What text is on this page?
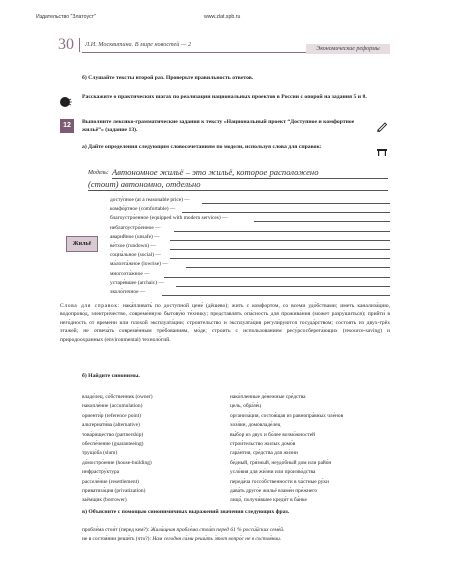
Издательство "Златоуст"	www.zlat.spb.ru
30 Л.И. Москвитина. В мире новостей — 2
Экономические реформы
б) Слушайте тексты второй раз. Проверьте правильность ответов.
Расскажите о практических шагах по реализации национальных проектов в России с опорой на задания 5 и 8.
12	Выполните лексико-грамматические задания к тексту «Национальный проект “Доступное и комфортное жильё”» (задание 13).
а) Дайте определения следующим словосочетаниям по модели, используя слова для справок:
Модель: Автономное жильё – это жильё, которое расположено
(стоит) автономно, отдельно
Жильё
досту́пное (at a reasonable price) —
комфо́ртное (comfortable) —
благоустро́енное (equipped with modern services) —
неблагоустро́енное —
аварийное (unsafe) —
ве́тхое (rundown) —
социа́льное (social) —
ма́лоэта́жное (lowrise) —
многоэта́жное —
устаре́вшее (archaic) —
эколо́гичное —
Слова для справок: нака́пливать́ по доступной цене́ (дёшево); жить с комфортом, со всеми удо́бствами; иметь канализа́цию, водопрово́д, электри́чество, совреме́нную бытову́ю те́хнику; представлять опа́сность для прожива́ния (может разру́шиться); прийти́ в него́дность от времени или плохой эксплуата́ции; строительство и эксплуата́ция регули́руются госуда́рством; состоять из двух-трёх этажей; не отвеча́ть совреме́нным тре́бованиям, мо́де; строить с использованием ресу́рсосберега́ющих (resource-saving) и природоохранных (environmental) техноло́гий.
б) Найдите синонимы.
владе́лец, со́бственник (owner)
накопле́ние (accumulation)
ориенти́р (reference point)
альтернати́ва (alternative)
това́рищество (partnership)
обеспе́чение (guaranteeing)
трущо́ба (slum)
до́мостро́ение (house-building)
инфрастру́ктура
расселе́ние (resettlement)
приватиза́ция (privatization)
заёмщик (borrower)
нако́пленные де́нежные сре́дства
цель, обра́зе́ц
организа́ция, состоя́щая из равнопра́вных чле́нов
хозя́ин, домовладе́лец
вы́бор из двух и бо́лее возмо́жностей
строи́тельство жилых домо́в
гара́нтия, сре́дства для жи́зни
бе́дный, гря́зный, неудо́бный дом или райо́н
усло́вия для жи́зни или произво́дства
переда́ча госсо́бственности в ча́стные ру́ки
дава́ть друго́е жильё взаме́н пре́жнего
лицо́, получи́вшее креди́т в ба́нке
в) Объясните с помощью синонимичных выражений значения следующих фраз.
пробле́ма стои́т (перед кем?): Жили́щная пробле́ма стои́т перед 61 % росси́йских семе́й.
не в состоя́нии реши́ть (что?): Нам сегодня са́ми реши́ть э́тот вопро́с не в состоя́нии.
